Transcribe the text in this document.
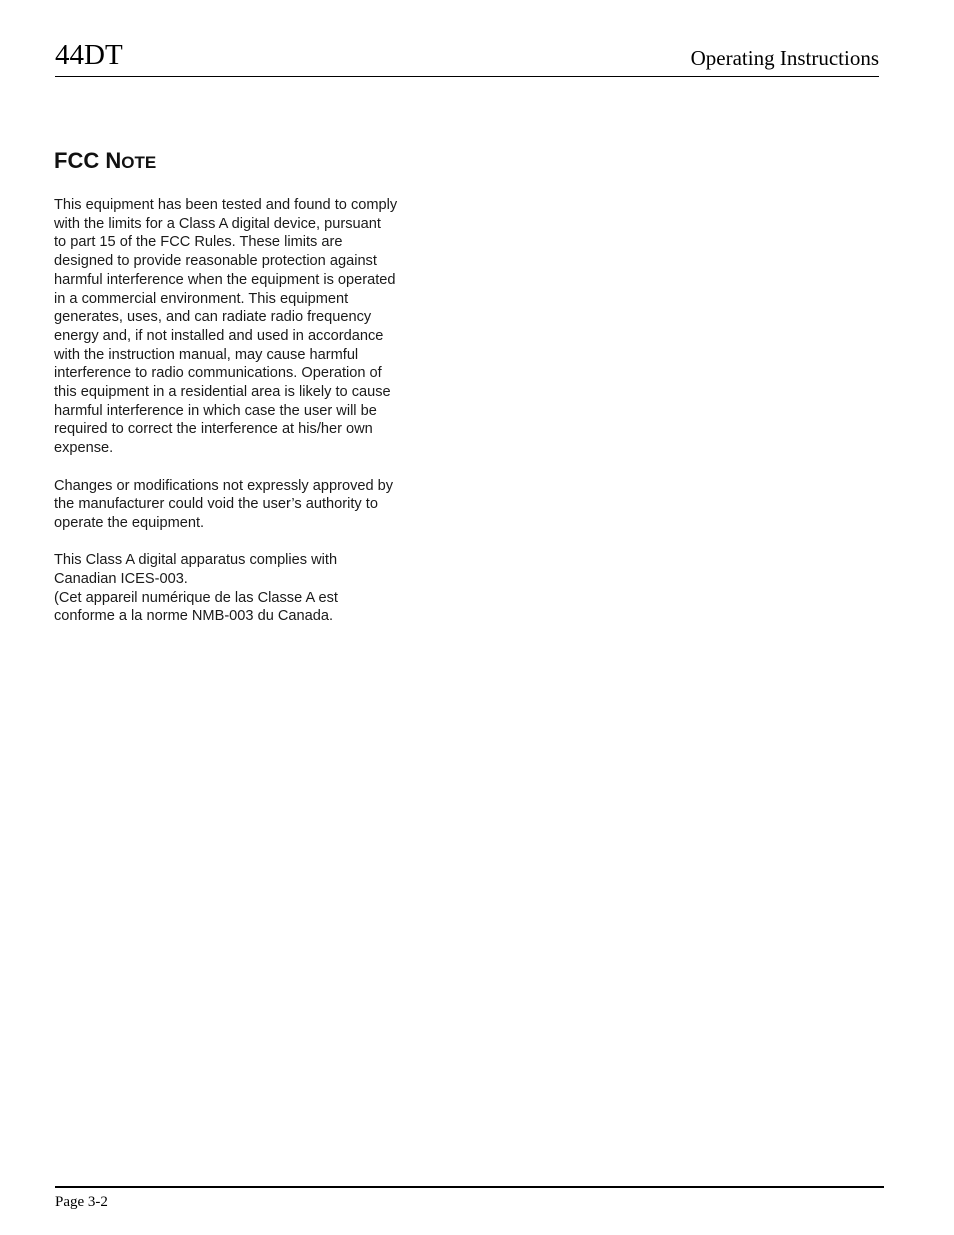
44DT	Operating Instructions
FCC NOTE

This equipment has been tested and found to comply
with the limits for a Class A digital device, pursuant
to part 15 of the FCC Rules. These limits are
designed to provide reasonable protection against
harmful interference when the equipment is operated
in a commercial environment. This equipment
generates, uses, and can radiate radio frequency
energy and, if not installed and used in accordance
with the instruction manual, may cause harmful
interference to radio communications. Operation of
this equipment in a residential area is likely to cause
harmful interference in which case the user will be
required to correct the interference at his/her own
expense.

Changes or modifications not expressly approved by
the manufacturer could void the user’s authority to
operate the equipment.

This Class A digital apparatus complies with
Canadian ICES-003.
(Cet appareil numérique de las Classe A est
conforme a la norme NMB-003 du Canada.

Page 3-2
